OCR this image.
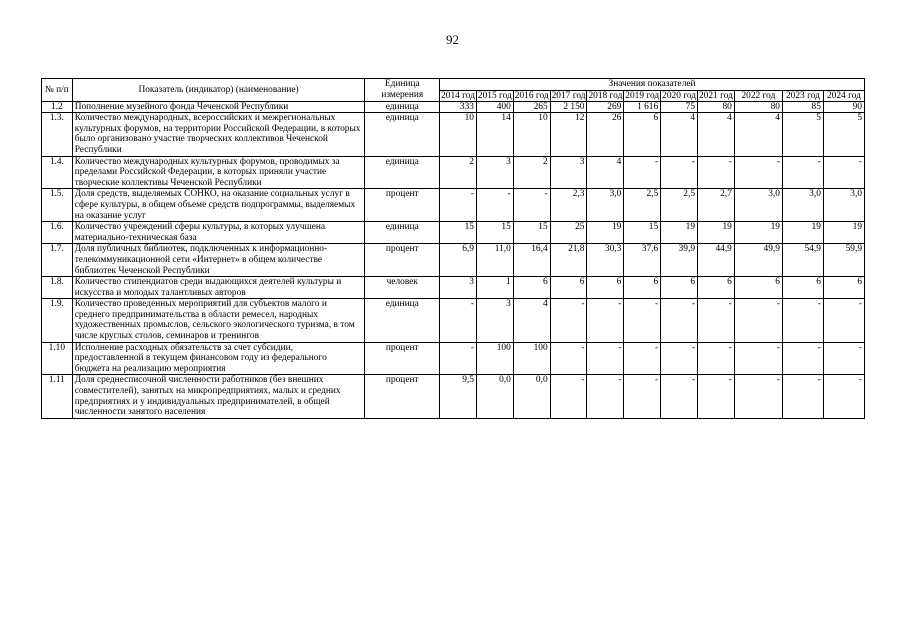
92
№ п/п	Показатель (индикатор) (наименование)	Единица измерения	Значения показателей										
			2014 год	2015 год	2016 год	2017 год	2018 год	2019 год	2020 год	2021 год	2022 год	2023 год	2024 год
1.2	Пополнение музейного фонда Чеченской Республики	единица	333	400	265	2 150	269	1 616	75	80	80	85	90
1.3.	Количество международных, всероссийских и межрегиональных культурных форумов, на территории Российской Федерации, в которых было организовано участие творческих коллективов Чеченской Республики	единица	10	14	10	12	26	6	4	4	4	5	5
1.4.	Количество международных культурных форумов, проводимых за пределами Российской Федерации, в которых приняли участие творческие коллективы Чеченской Республики	единица	2	3	2	3	4	-	-	-	-	-	-
1.5.	Доля средств, выделяемых СОНКО, на оказание социальных услуг в сфере культуры, в общем объеме средств подпрограммы, выделяемых на оказание услуг	процент	-	-	-	2,3	3,0	2,5	2,5	2,7	3,0	3,0	3,0
1.6.	Количество учреждений сферы культуры, в которых улучшена материально-техническая база	единица	15	15	15	25	19	15	19	19	19	19	19
1.7.	Доля публичных библиотек, подключенных к информационно-телекоммуникационной сети «Интернет» в общем количестве библиотек Чеченской Республики	процент	6,9	11,0	16,4	21,8	30,3	37,6	39,9	44,9	49,9	54,9	59,9
1.8.	Количество стипендиатов среди выдающихся деятелей культуры и искусства и молодых талантливых авторов	человек	3	1	6	6	6	6	6	6	6	6	6
1.9.	Количество проведенных мероприятий для субъектов малого и среднего предпринимательства в области ремесел, народных художественных промыслов, сельского экологического туризма, в том числе круглых столов, семинаров и тренингов	единица	-	3	4	-	-	-	-	-	-	-	-
1.10	Исполнение расходных обязательств за счет субсидии, предоставленной в текущем финансовом году из федерального бюджета на реализацию мероприятия	процент	-	100	100	-	-	-	-	-	-	-	-
1.11	Доля среднесписочной численности работников (без внешних совместителей), занятых на микропредприятиях, малых и средних предприятиях и у индивидуальных предпринимателей, в общей численности занятого населения	процент	9,5	0,0	0,0	-	-	-	-	-	-	-	-
